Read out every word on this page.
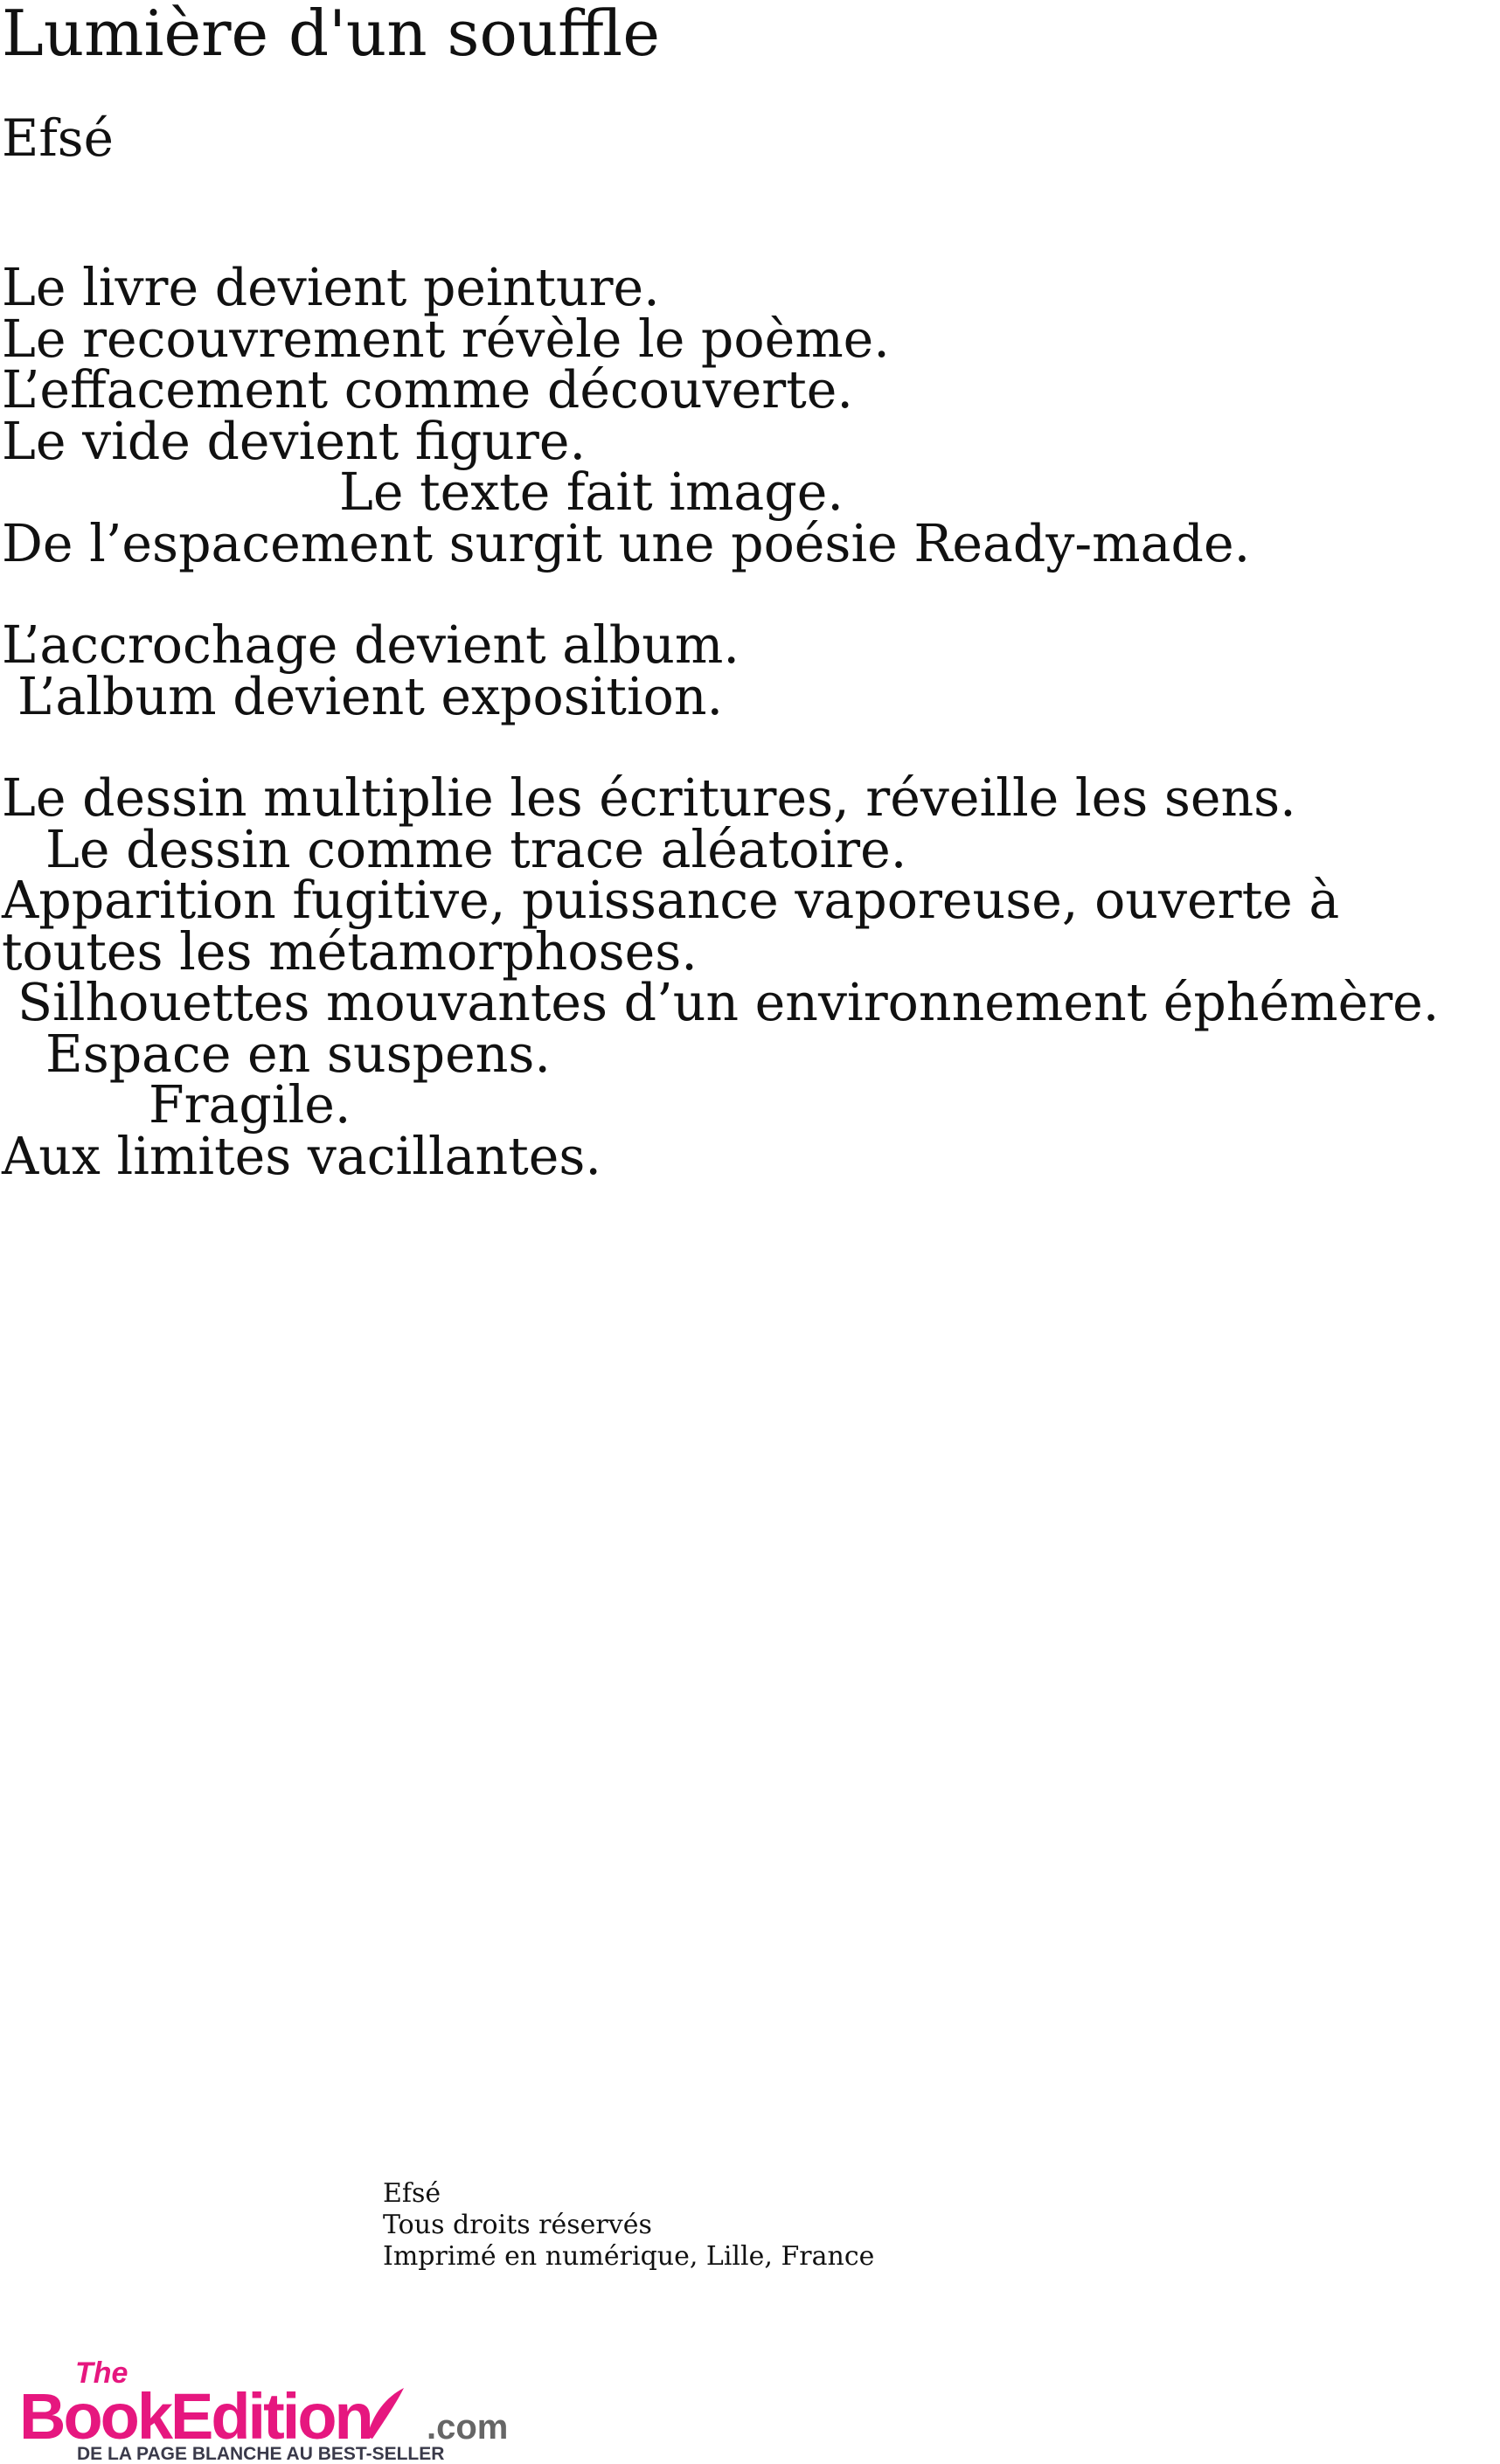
Lumière d'un souffle
Efsé
Le livre devient peinture.
Le recouvrement révèle le poème.
L’effacement comme découverte.
Le vide devient figure.
Le texte fait image.
De l’espacement surgit une poésie Ready-made.
L’accrochage devient album.
L’album devient exposition.
Le dessin multiplie les écritures, réveille les sens.
Le dessin comme trace aléatoire.
Apparition fugitive, puissance vaporeuse, ouverte à toutes les métamorphoses.
Silhouettes mouvantes d’un environnement éphémère.
Espace en suspens.
Fragile.
Aux limites vacillantes.
Efsé
Tous droits réservés
Imprimé en numérique, Lille, France
The
BookEdition .com
DE LA PAGE BLANCHE AU BEST-SELLER
